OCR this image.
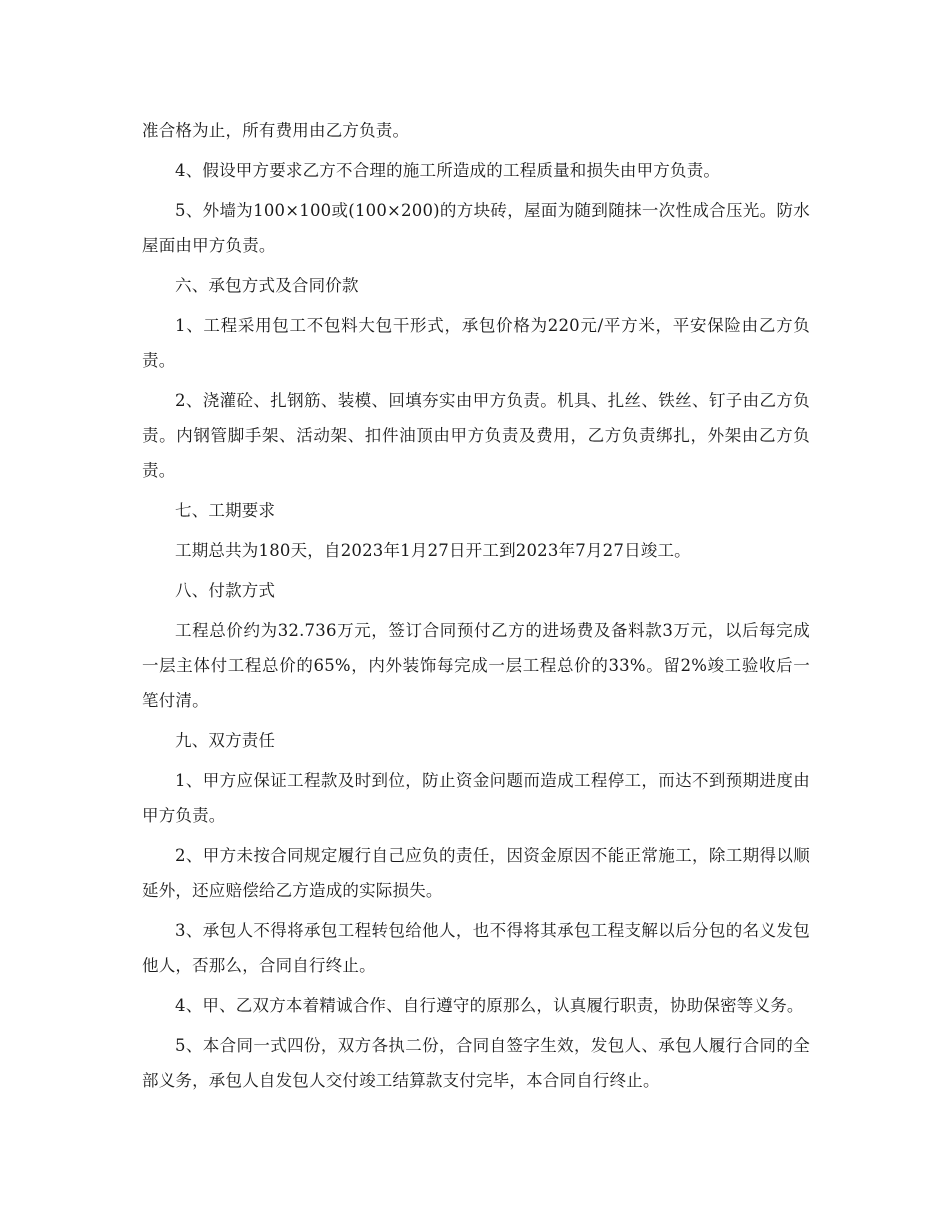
准合格为止，所有费用由乙方负责。

4、假设甲方要求乙方不合理的施工所造成的工程质量和损失由甲方负责。

5、外墙为100×100或(100×200)的方块砖，屋面为随到随抹一次性成合压光。防水屋面由甲方负责。

六、承包方式及合同价款

1、工程采用包工不包料大包干形式，承包价格为220元/平方米，平安保险由乙方负责。

2、浇灌砼、扎钢筋、装模、回填夯实由甲方负责。机具、扎丝、铁丝、钉子由乙方负责。内钢管脚手架、活动架、扣件油顶由甲方负责及费用，乙方负责绑扎，外架由乙方负责。

七、工期要求

工期总共为180天，自2023年1月27日开工到2023年7月27日竣工。

八、付款方式

工程总价约为32.736万元，签订合同预付乙方的进场费及备料款3万元，以后每完成一层主体付工程总价的65%，内外装饰每完成一层工程总价的33%。留2%竣工验收后一笔付清。

九、双方责任

1、甲方应保证工程款及时到位，防止资金问题而造成工程停工，而达不到预期进度由甲方负责。

2、甲方未按合同规定履行自己应负的责任，因资金原因不能正常施工，除工期得以顺延外，还应赔偿给乙方造成的实际损失。

3、承包人不得将承包工程转包给他人，也不得将其承包工程支解以后分包的名义发包他人，否那么，合同自行终止。

4、甲、乙双方本着精诚合作、自行遵守的原那么，认真履行职责，协助保密等义务。

5、本合同一式四份，双方各执二份，合同自签字生效，发包人、承包人履行合同的全部义务，承包人自发包人交付竣工结算款支付完毕，本合同自行终止。
